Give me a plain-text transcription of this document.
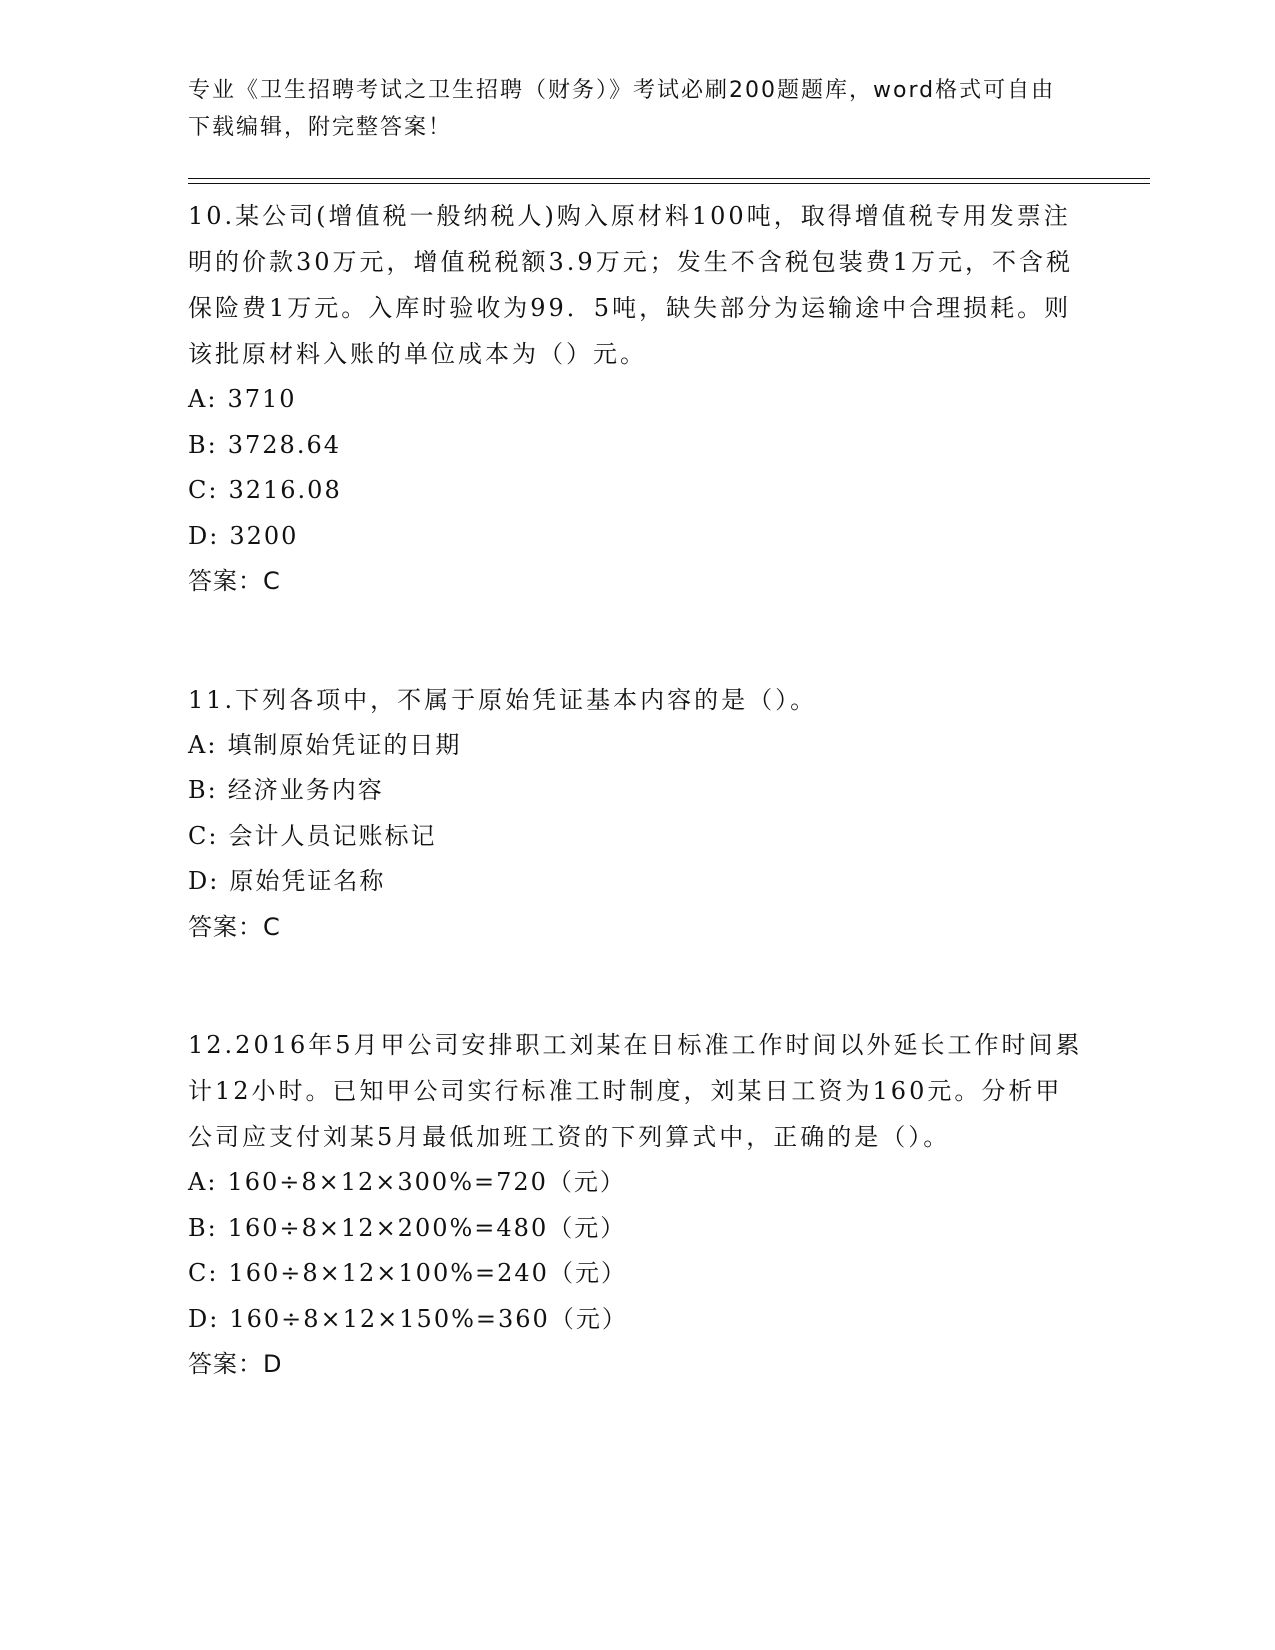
专业《卫生招聘考试之卫生招聘（财务）》考试必刷200题题库，word格式可自由下载编辑，附完整答案！

10.某公司(增值税一般纳税人)购入原材料100吨，取得增值税专用发票注明的价款30万元，增值税税额3.9万元；发生不含税包装费1万元，不含税保险费1万元。入库时验收为99．5吨，缺失部分为运输途中合理损耗。则该批原材料入账的单位成本为（）元。

A: 3710
B: 3728.64
C: 3216.08
D: 3200
答案：C

11.下列各项中，不属于原始凭证基本内容的是（）。

A: 填制原始凭证的日期
B: 经济业务内容
C: 会计人员记账标记
D: 原始凭证名称
答案：C

12.2016年5月甲公司安排职工刘某在日标准工作时间以外延长工作时间累计12小时。已知甲公司实行标准工时制度，刘某日工资为160元。分析甲公司应支付刘某5月最低加班工资的下列算式中，正确的是（）。

A: 160÷8×12×300%=720（元）
B: 160÷8×12×200%=480（元）
C: 160÷8×12×100%=240（元）
D: 160÷8×12×150%=360（元）
答案：D
